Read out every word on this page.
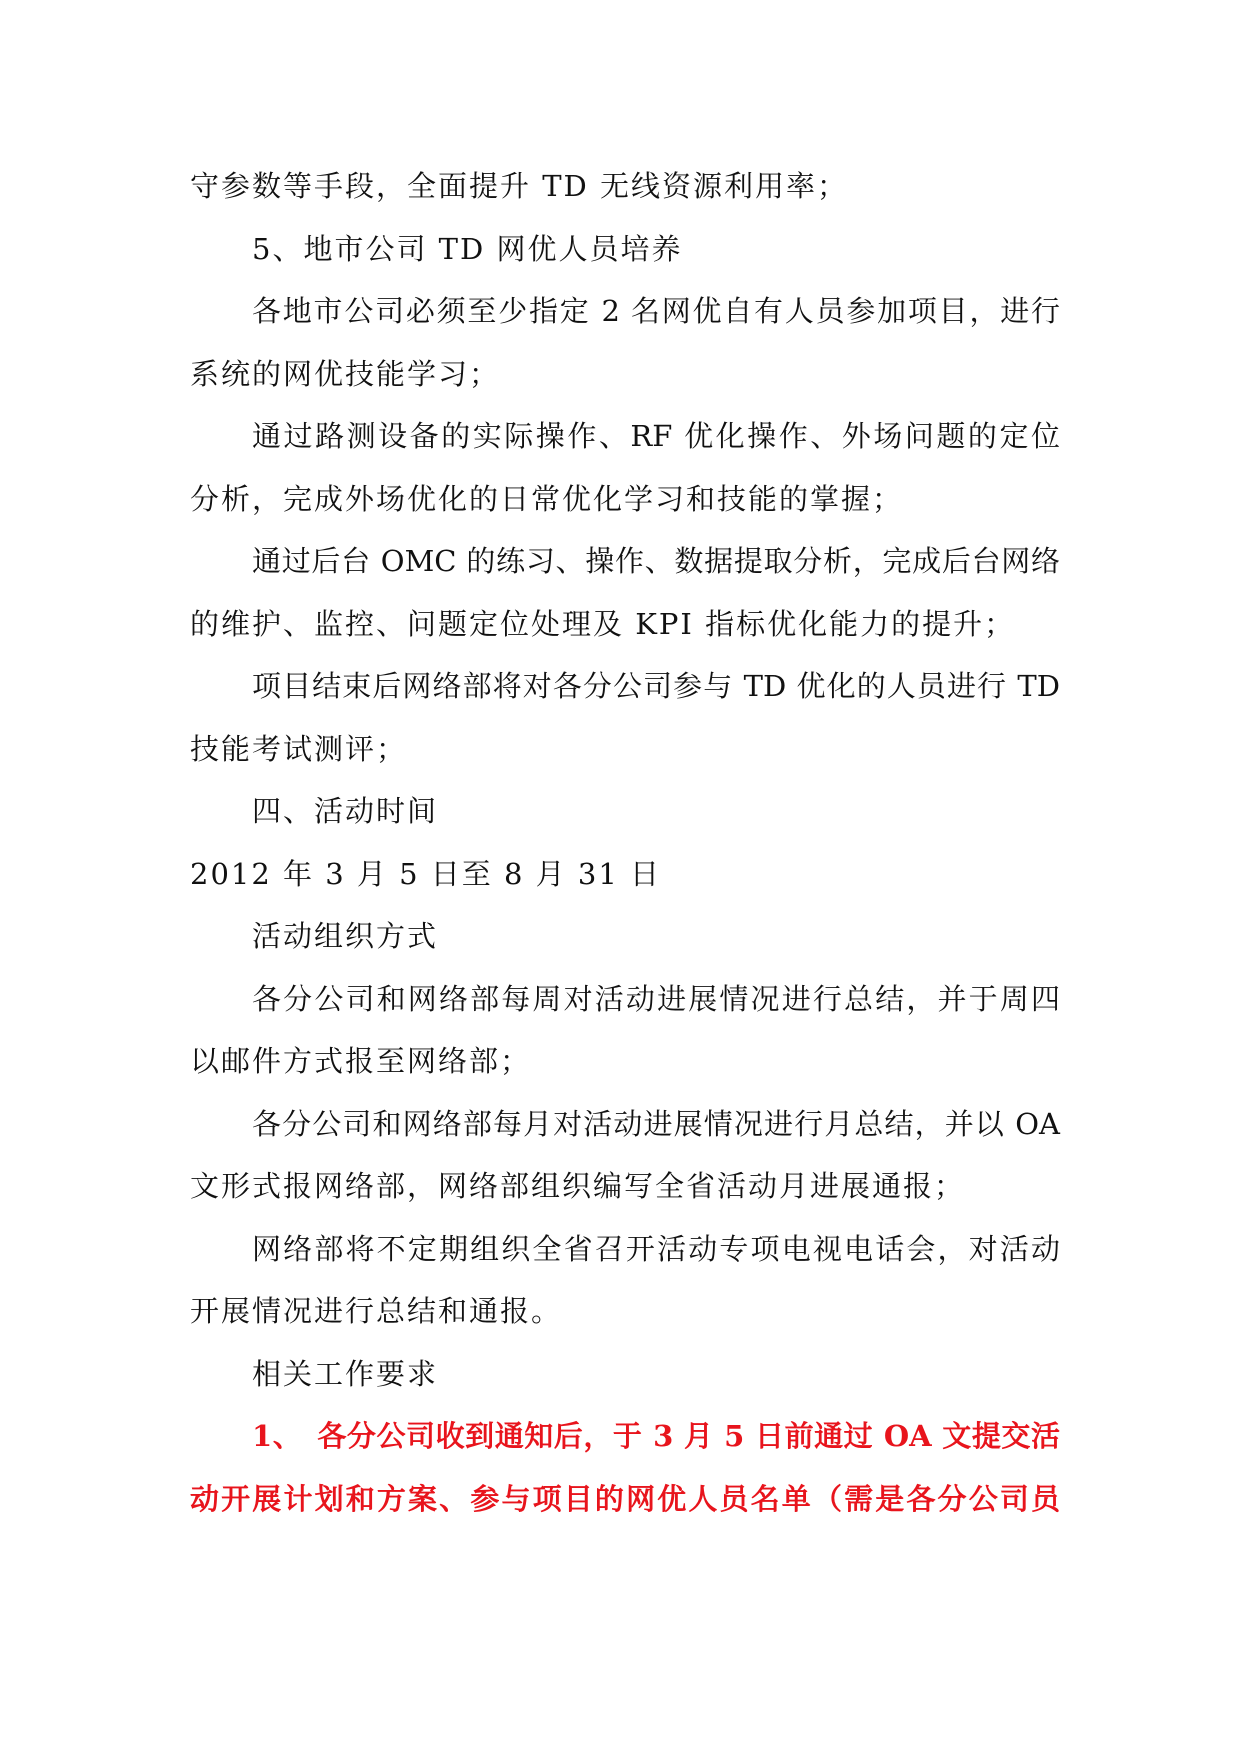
守参数等手段，全面提升 TD 无线资源利用率；
5、地市公司 TD 网优人员培养
各地市公司必须至少指定 2 名网优自有人员参加项目，进行
系统的网优技能学习；
通过路测设备的实际操作、RF 优化操作、外场问题的定位
分析，完成外场优化的日常优化学习和技能的掌握；
通过后台 OMC 的练习、操作、数据提取分析，完成后台网络
的维护、监控、问题定位处理及 KPI 指标优化能力的提升；
项目结束后网络部将对各分公司参与 TD 优化的人员进行 TD
技能考试测评；
四、活动时间
2012 年 3 月 5 日至 8 月 31 日
活动组织方式
各分公司和网络部每周对活动进展情况进行总结，并于周四
以邮件方式报至网络部；
各分公司和网络部每月对活动进展情况进行月总结，并以 OA
文形式报网络部，网络部组织编写全省活动月进展通报；
网络部将不定期组织全省召开活动专项电视电话会，对活动
开展情况进行总结和通报。
相关工作要求
1、　各分公司收到通知后，于 3 月 5 日前通过 OA 文提交活
动开展计划和方案、参与项目的网优人员名单（需是各分公司员
